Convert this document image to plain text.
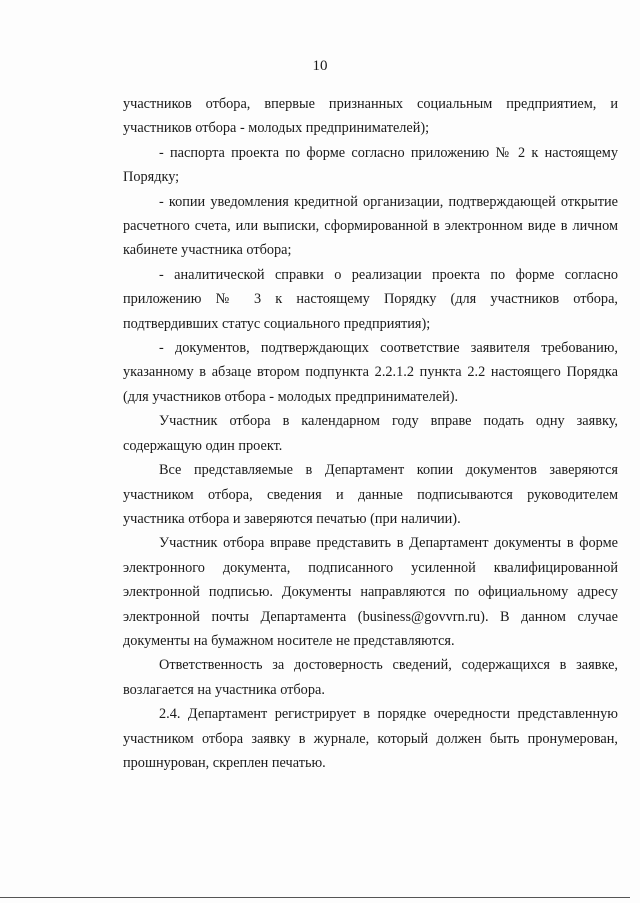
10

участников отбора, впервые признанных социальным предприятием, и участников отбора - молодых предпринимателей);

- паспорта проекта по форме согласно приложению № 2 к настоящему Порядку;

- копии уведомления кредитной организации, подтверждающей открытие расчетного счета, или выписки, сформированной в электронном виде в личном кабинете участника отбора;

- аналитической справки о реализации проекта по форме согласно приложению № 3 к настоящему Порядку (для участников отбора, подтвердивших статус социального предприятия);

- документов, подтверждающих соответствие заявителя требованию, указанному в абзаце втором подпункта 2.2.1.2 пункта 2.2 настоящего Порядка (для участников отбора - молодых предпринимателей).

Участник отбора в календарном году вправе подать одну заявку, содержащую один проект.

Все представляемые в Департамент копии документов заверяются участником отбора, сведения и данные подписываются руководителем участника отбора и заверяются печатью (при наличии).

Участник отбора вправе представить в Департамент документы в форме электронного документа, подписанного усиленной квалифицированной электронной подписью. Документы направляются по официальному адресу электронной почты Департамента (business@govvrn.ru). В данном случае документы на бумажном носителе не представляются.

Ответственность за достоверность сведений, содержащихся в заявке, возлагается на участника отбора.

2.4. Департамент регистрирует в порядке очередности представленную участником отбора заявку в журнале, который должен быть пронумерован, прошнурован, скреплен печатью.
